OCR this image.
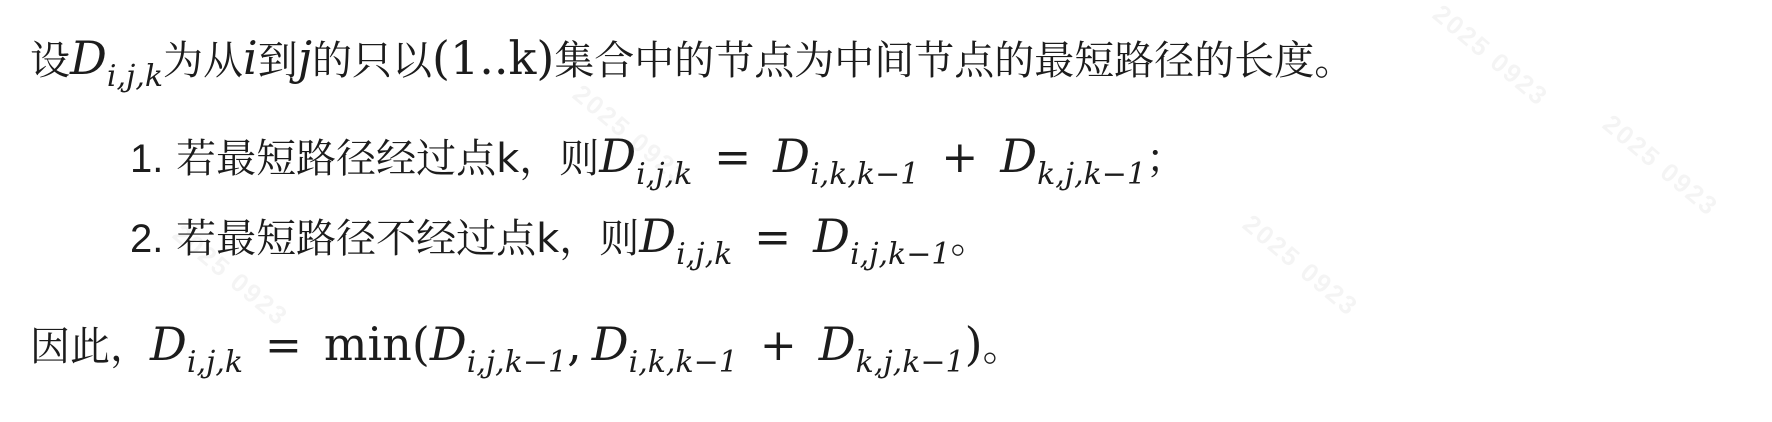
设$D_{i,j,k}$为从i到j的只以(1..k)集合中的节点为中间节点的最短路径的长度。
1. 若最短路径经过点k，则$D_{i,j,k} = D_{i,k,k-1} + D_{k,j,k-1}$；
2. 若最短路径不经过点k，则$D_{i,j,k} = D_{i,j,k-1}$。
因此，$D_{i,j,k} = \min(D_{i,j,k-1}$, $D_{i,k,k-1} + D_{k,j,k-1}$)。
